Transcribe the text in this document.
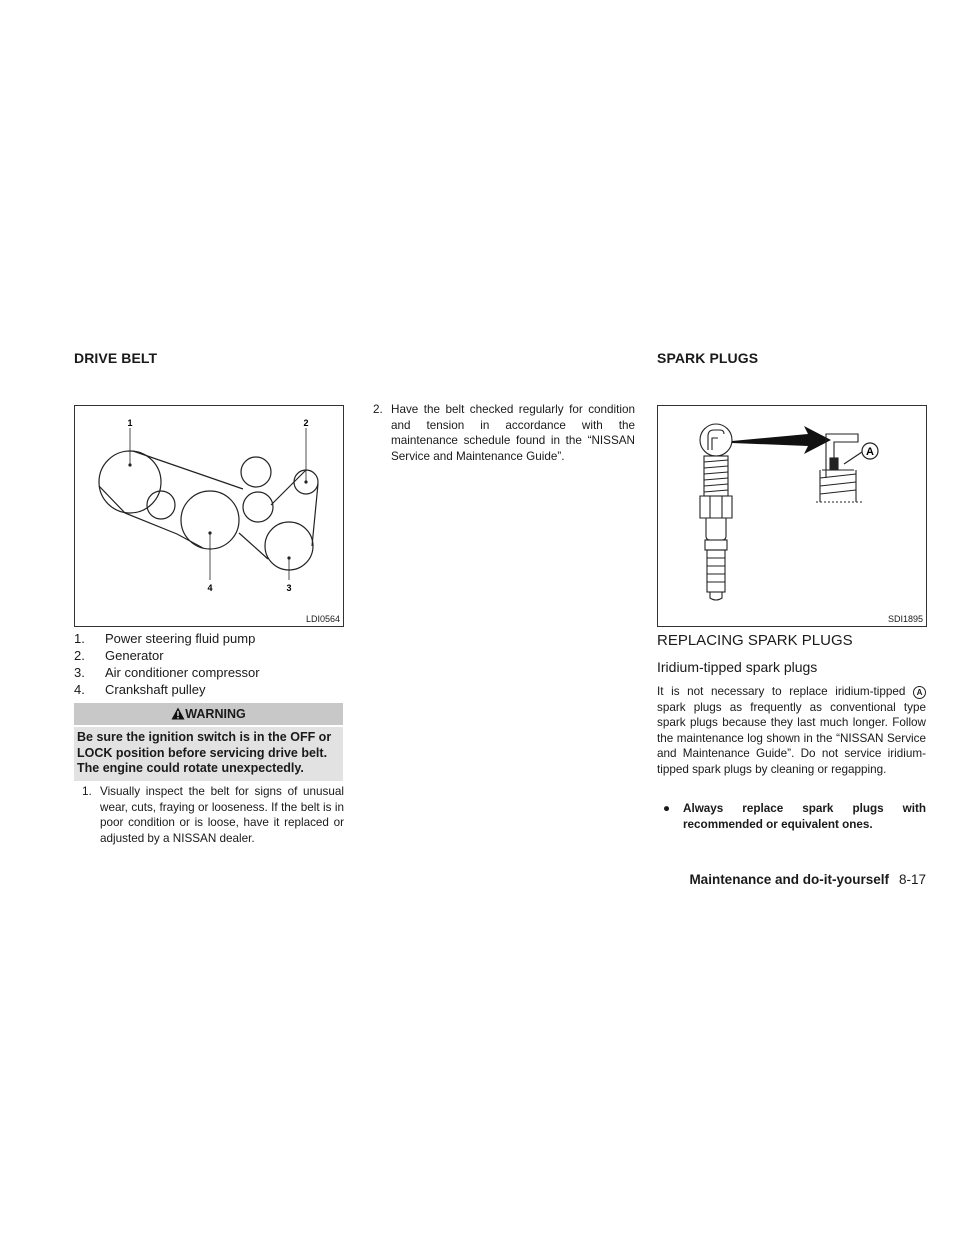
DRIVE BELT
1	2
4	3
LDI0564
1.	Power steering fluid pump
2.	Generator
3.	Air conditioner compressor
4.	Crankshaft pulley
WARNING
Be sure the ignition switch is in the OFF or LOCK position before servicing drive belt. The engine could rotate unexpectedly.
1. Visually inspect the belt for signs of unusual wear, cuts, fraying or looseness. If the belt is in poor condition or is loose, have it replaced or adjusted by a NISSAN dealer.
2. Have the belt checked regularly for condition and tension in accordance with the maintenance schedule found in the “NISSAN Service and Maintenance Guide”.
SPARK PLUGS
A
SDI1895
REPLACING SPARK PLUGS
Iridium-tipped spark plugs
It is not necessary to replace iridium-tipped A spark plugs as frequently as conventional type spark plugs because they last much longer. Follow the maintenance log shown in the “NISSAN Service and Maintenance Guide”. Do not service iridium-tipped spark plugs by cleaning or regapping.
●	Always replace spark plugs with recommended or equivalent ones.
Maintenance and do-it-yourself 8-17
